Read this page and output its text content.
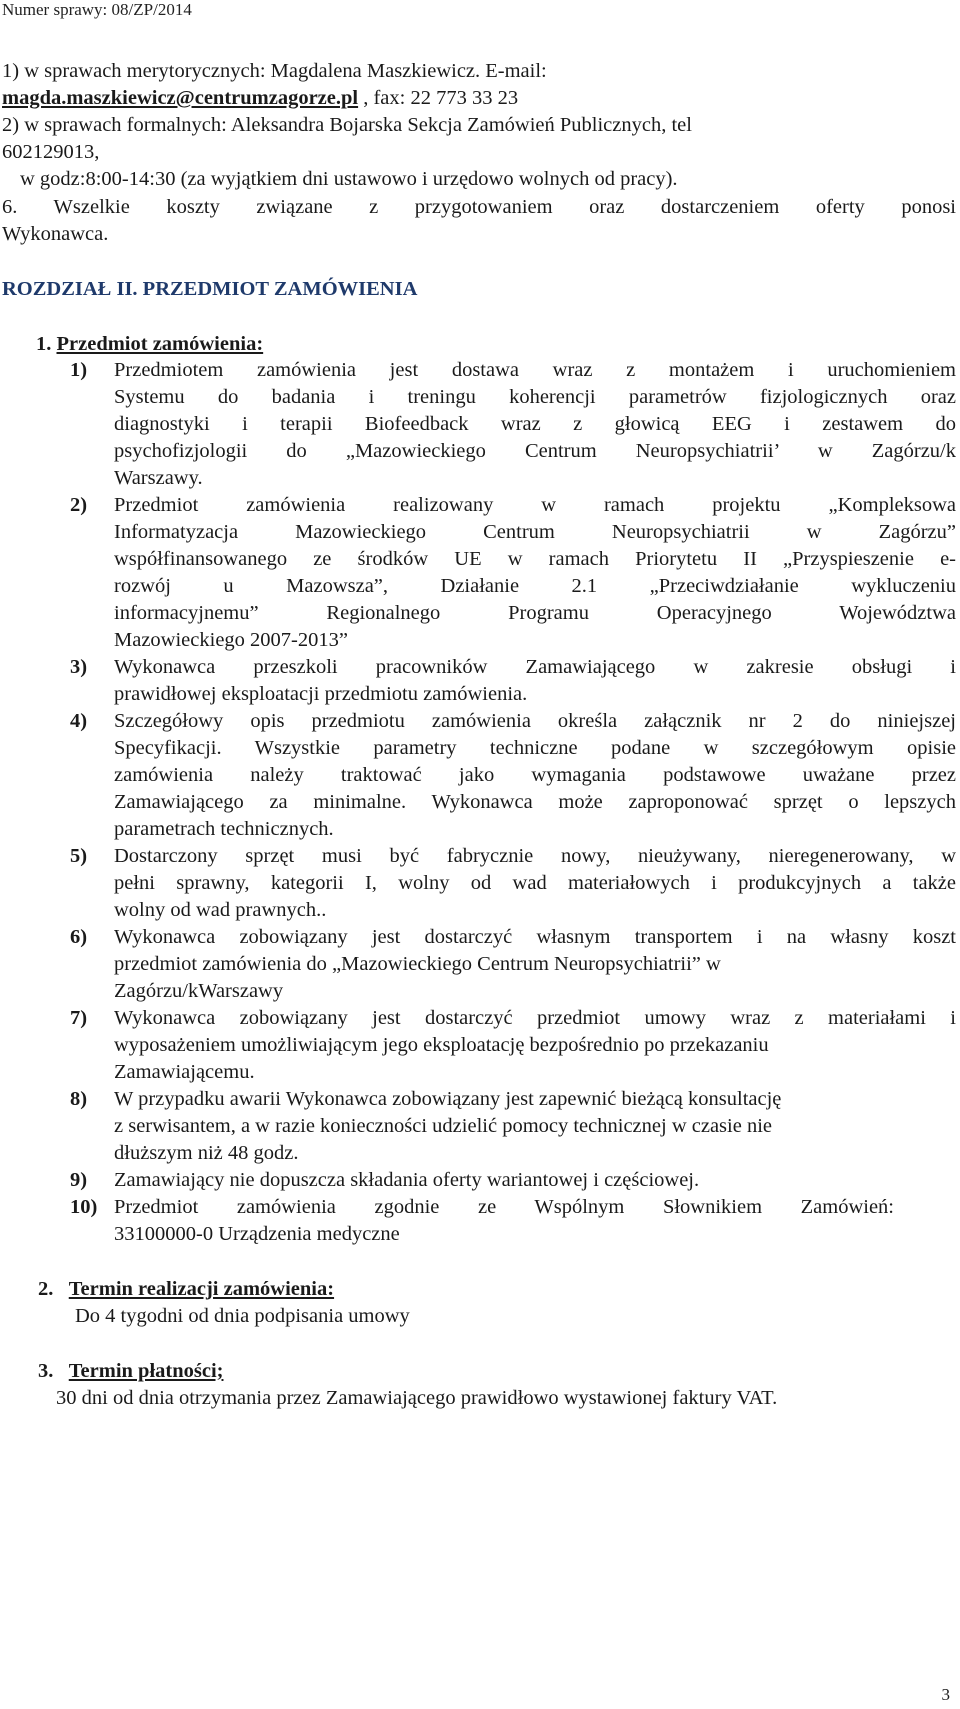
Numer sprawy: 08/ZP/2014
1) w sprawach merytorycznych: Magdalena Maszkiewicz. E-mail:
magda.maszkiewicz@centrumzagorze.pl , fax: 22 773 33 23
2) w sprawach formalnych: Aleksandra Bojarska Sekcja Zamówień Publicznych, tel
602129013,
w godz:8:00-14:30 (za wyjątkiem dni ustawowo i urzędowo wolnych od pracy).
6. Wszelkie koszty związane z przygotowaniem oraz dostarczeniem oferty ponosi
Wykonawca.
ROZDZIAŁ II. PRZEDMIOT ZAMÓWIENIA
1. Przedmiot zamówienia:
1) Przedmiotem zamówienia jest dostawa wraz z montażem i uruchomieniem
Systemu do badania i treningu koherencji parametrów fizjologicznych oraz
diagnostyki i terapii Biofeedback wraz z głowicą EEG i zestawem do
psychofizjologii do „Mazowieckiego Centrum Neuropsychiatrii’ w Zagórzu/k
Warszawy.
2) Przedmiot zamówienia realizowany w ramach projektu „Kompleksowa
Informatyzacja Mazowieckiego Centrum Neuropsychiatrii w Zagórzu”
współfinansowanego ze środków UE w ramach Priorytetu II „Przyspieszenie e-
rozwój u Mazowsza”, Działanie 2.1 „Przeciwdziałanie wykluczeniu
informacyjnemu” Regionalnego Programu Operacyjnego Województwa
Mazowieckiego 2007-2013”
3) Wykonawca przeszkoli pracowników Zamawiającego w zakresie obsługi i
prawidłowej eksploatacji przedmiotu zamówienia.
4) Szczegółowy opis przedmiotu zamówienia określa załącznik nr 2 do niniejszej
Specyfikacji. Wszystkie parametry techniczne podane w szczegółowym opisie
zamówienia należy traktować jako wymagania podstawowe uważane przez
Zamawiającego za minimalne. Wykonawca może zaproponować sprzęt o lepszych
parametrach technicznych.
5) Dostarczony sprzęt musi być fabrycznie nowy, nieużywany, nieregenerowany, w
pełni sprawny, kategorii I, wolny od wad materiałowych i produkcyjnych a także
wolny od wad prawnych..
6) Wykonawca zobowiązany jest dostarczyć własnym transportem i na własny koszt
przedmiot zamówienia do „Mazowieckiego Centrum Neuropsychiatrii” w
Zagórzu/kWarszawy
7) Wykonawca zobowiązany jest dostarczyć przedmiot umowy wraz z materiałami i
wyposażeniem umożliwiającym jego eksploatację bezpośrednio po przekazaniu
Zamawiającemu.
8) W przypadku awarii Wykonawca zobowiązany jest zapewnić bieżącą konsultację
z serwisantem, a w razie konieczności udzielić pomocy technicznej w czasie nie
dłuższym niż 48 godz.
9) Zamawiający nie dopuszcza składania oferty wariantowej i częściowej.
10) Przedmiot zamówienia zgodnie ze Wspólnym Słownikiem Zamówień:
33100000-0 Urządzenia medyczne
2. Termin realizacji zamówienia:
Do 4 tygodni od dnia podpisania umowy
3. Termin płatności;
30 dni od dnia otrzymania przez Zamawiającego prawidłowo wystawionej faktury VAT.
3
